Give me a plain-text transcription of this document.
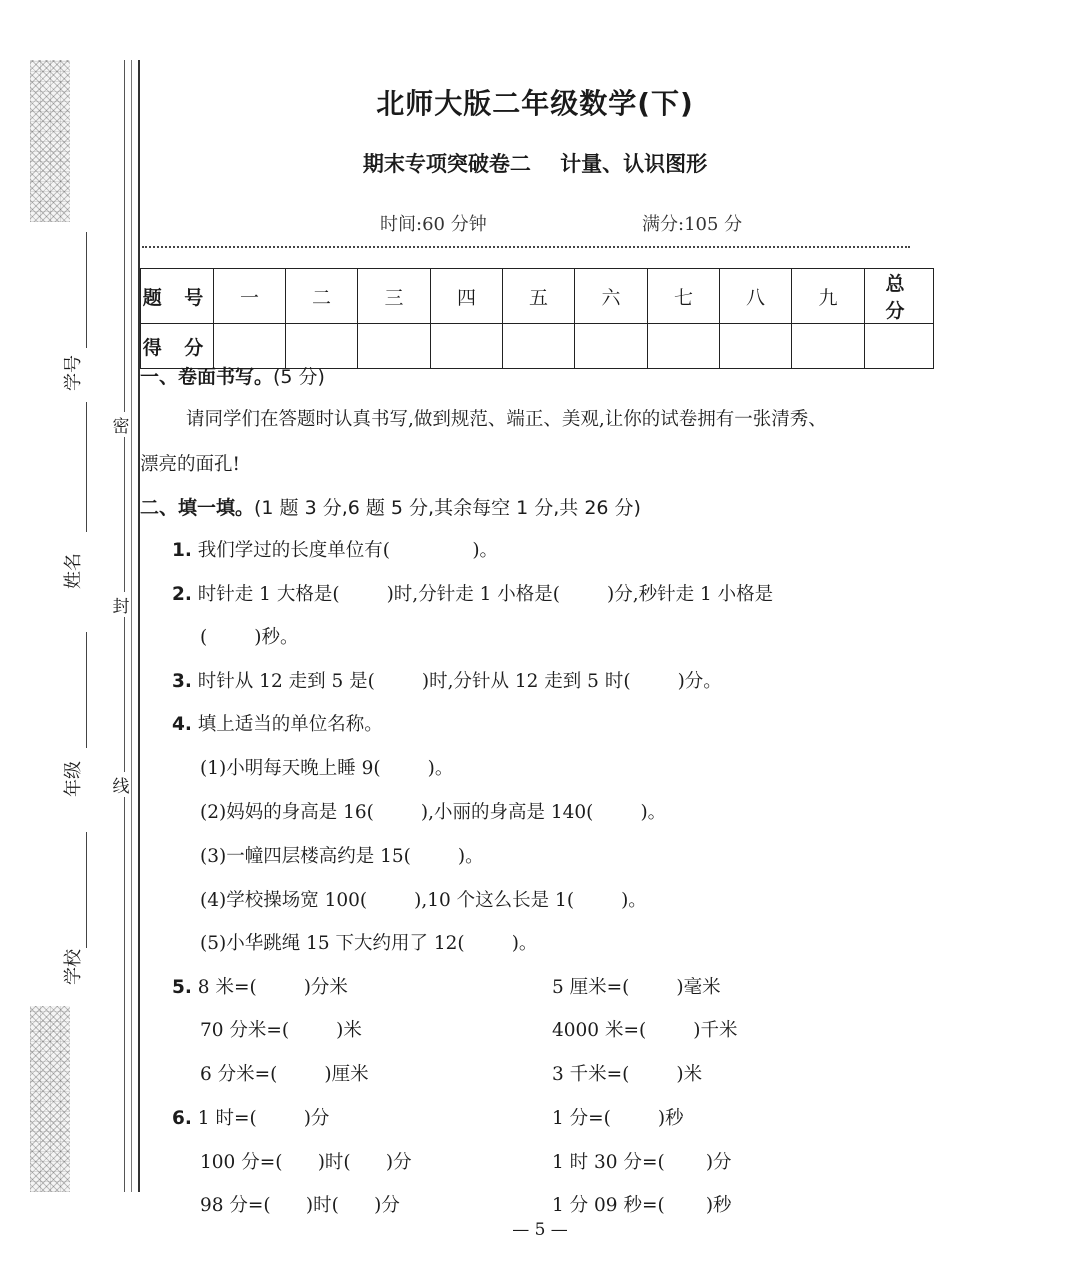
学号
姓名
年级
学校
密
封
线
北师大版二年级数学(下)
期末专项突破卷二    计量、认识图形
时间:60 分钟	满分:105 分
题 号	一	二	三	四	五	六	七	八	九	总 分
得 分										
一、卷面书写。(5 分)
请同学们在答题时认真书写,做到规范、端正、美观,让你的试卷拥有一张清秀、
漂亮的面孔!
二、填一填。(1 题 3 分,6 题 5 分,其余每空 1 分,共 26 分)
1. 我们学过的长度单位有(              )。
2. 时针走 1 大格是(        )时,分针走 1 小格是(        )分,秒针走 1 小格是
(        )秒。
3. 时针从 12 走到 5 是(        )时,分针从 12 走到 5 时(        )分。
4. 填上适当的单位名称。
(1)小明每天晚上睡 9(        )。
(2)妈妈的身高是 16(        ),小丽的身高是 140(        )。
(3)一幢四层楼高约是 15(        )。
(4)学校操场宽 100(        ),10 个这么长是 1(        )。
(5)小华跳绳 15 下大约用了 12(        )。
5. 8 米=(        )分米	5 厘米=(        )毫米
70 分米=(        )米	4000 米=(        )千米
6 分米=(        )厘米	3 千米=(        )米
6. 1 时=(        )分	1 分=(        )秒
100 分=(      )时(      )分	1 时 30 分=(       )分
98 分=(      )时(      )分	1 分 09 秒=(       )秒
— 5 —
